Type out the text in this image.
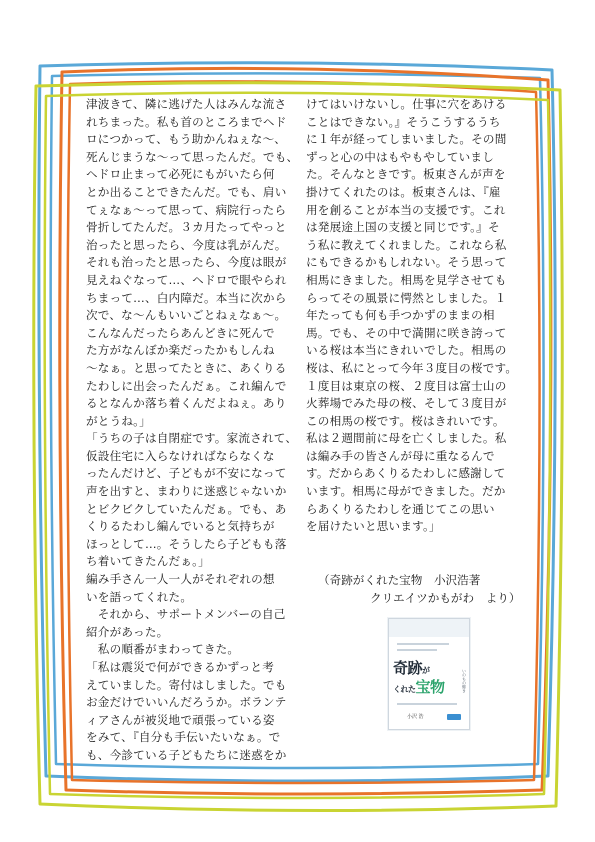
津波きて、隣に逃げた人はみんな流さ

れちまった。私も首のところまでヘド

ロにつかって、もう助かんねぇな〜、

死んじまうな〜って思ったんだ。でも、

ヘドロ止まって必死にもがいたら何

とか出ることできたんだ。でも、肩い

てぇなぁ〜って思って、病院行ったら

骨折してたんだ。３カ月たってやっと

治ったと思ったら、今度は乳がんだ。

それも治ったと思ったら、今度は眼が

見えねぐなって…、ヘドロで眼やられ

ちまって…、白内障だ。本当に次から

次で、な〜んもいいごとねぇなぁ〜。

こんなんだったらあんどきに死んで

た方がなんぼか楽だったかもしんね

〜なぁ。と思ってたときに、あくりる

たわしに出会ったんだぁ。これ編んで

るとなんか落ち着くんだよねぇ。あり

がとうね。」

「うちの子は自閉症です。家流されて、

仮設住宅に入らなければならなくな

ったんだけど、子どもが不安になって

声を出すと、まわりに迷惑じゃないか

とビクビクしていたんだぁ。でも、あ

くりるたわし編んでいると気持ちが

ほっとして…。そうしたら子どもも落

ち着いてきたんだぁ。」

編み手さん一人一人がそれぞれの想

いを語ってくれた。

　それから、サポートメンバーの自己

紹介があった。

　私の順番がまわってきた。

「私は震災で何ができるかずっと考

えていました。寄付はしました。でも

お金だけでいいんだろうか。ボランテ

ィアさんが被災地で頑張っている姿

をみて、『自分も手伝いたいなぁ。で

も、今診ている子どもたちに迷惑をか

けてはいけないし。仕事に穴をあける

ことはできない。』そうこうするうち

に１年が経ってしまいました。その間

ずっと心の中はもやもやしていまし

た。そんなときです。板東さんが声を

掛けてくれたのは。板東さんは、『雇

用を創ることが本当の支援です。これ

は発展途上国の支援と同じです。』そ

う私に教えてくれました。これなら私

にもできるかもしれない。そう思って

相馬にきました。相馬を見学させても

らってその風景に愕然としました。１

年たっても何も手つかずのままの相

馬。でも、その中で満開に咲き誇って

いる桜は本当にきれいでした。相馬の

桜は、私にとって今年３度目の桜です。

１度目は東京の桜、２度目は富士山の

火葬場でみた母の桜、そして３度目が

この相馬の桜です。桜はきれいです。

私は２週間前に母を亡くしました。私

は編み手の皆さんが母に重なるんで

す。だからあくりるたわしに感謝して

います。相馬に母ができました。だか

らあくりるたわしを通じてこの思い

を届けたいと思います。」

（奇跡がくれた宝物　小沢浩著

クリエイツかもがわ　より）

奇跡が
くれた宝物	いのちの輝き
小沢 浩
